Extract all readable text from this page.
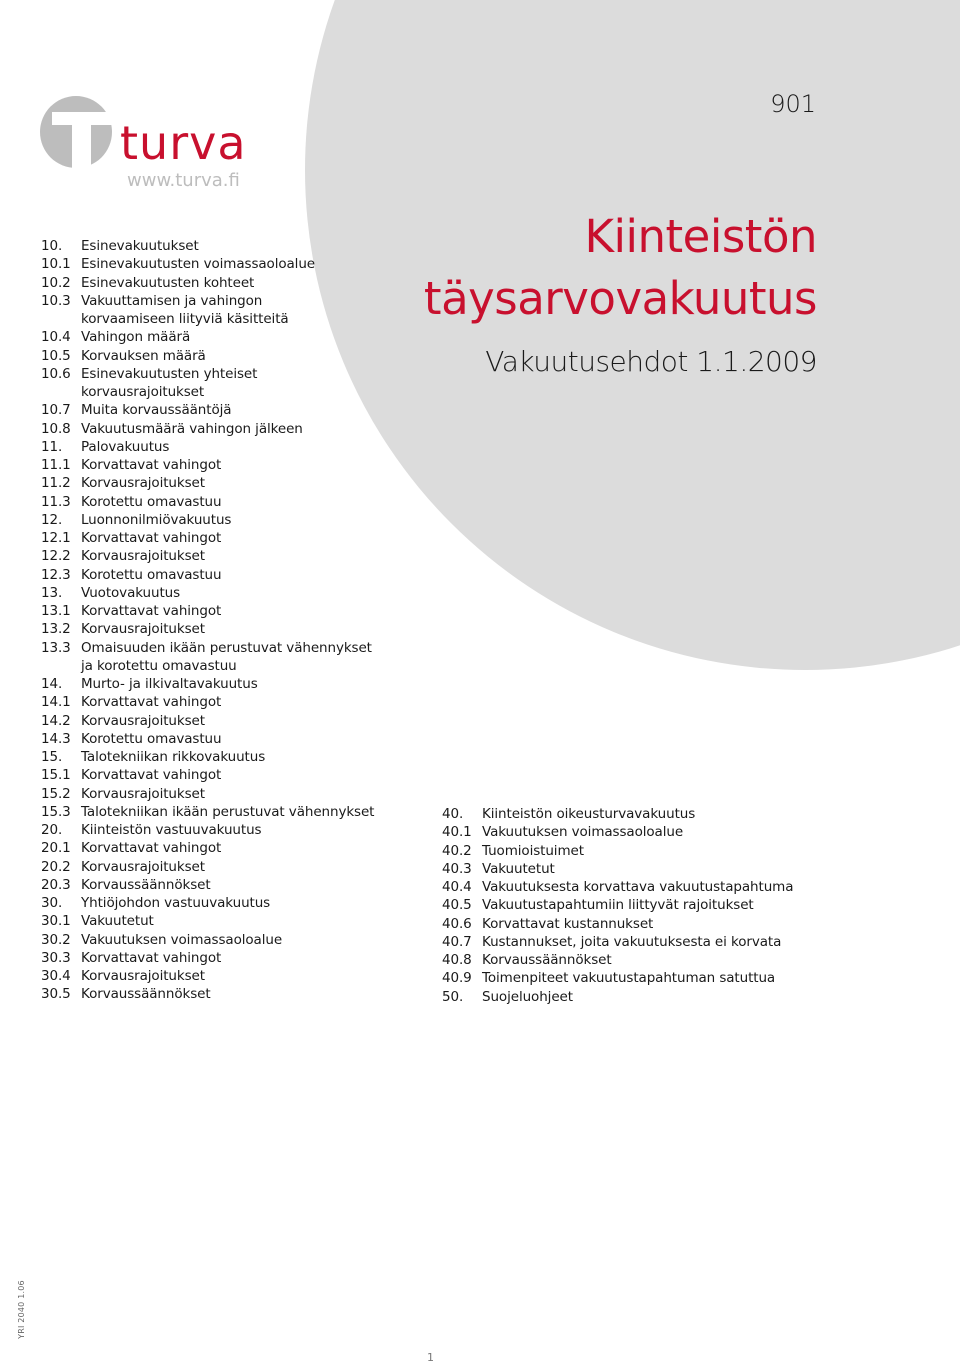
turva
www.turva.fi
901
Kiinteistön
täysarvovakuutus
Vakuutusehdot 1.1.2009
10. Esinevakuutukset
10.1 Esinevakuutusten voimassaoloalue
10.2 Esinevakuutusten kohteet
10.3 Vakuuttamisen ja vahingon
korvaamiseen liityviä käsitteitä
10.4 Vahingon määrä
10.5 Korvauksen määrä
10.6 Esinevakuutusten yhteiset
korvausrajoitukset
10.7 Muita korvaussääntöjä
10.8 Vakuutusmäärä vahingon jälkeen
11. Palovakuutus
11.1 Korvattavat vahingot
11.2 Korvausrajoitukset
11.3 Korotettu omavastuu
12. Luonnonilmiövakuutus
12.1 Korvattavat vahingot
12.2 Korvausrajoitukset
12.3 Korotettu omavastuu
13. Vuotovakuutus
13.1 Korvattavat vahingot
13.2 Korvausrajoitukset
13.3 Omaisuuden ikään perustuvat vähennykset
ja korotettu omavastuu
14. Murto- ja ilkivaltavakuutus
14.1 Korvattavat vahingot
14.2 Korvausrajoitukset
14.3 Korotettu omavastuu
15. Talotekniikan rikkovakuutus
15.1 Korvattavat vahingot
15.2 Korvausrajoitukset
15.3 Talotekniikan ikään perustuvat vähennykset
20. Kiinteistön vastuuvakuutus
20.1 Korvattavat vahingot
20.2 Korvausrajoitukset
20.3 Korvaussäännökset
30. Yhtiöjohdon vastuuvakuutus
30.1 Vakuutetut
30.2 Vakuutuksen voimassaoloalue
30.3 Korvattavat vahingot
30.4 Korvausrajoitukset
30.5 Korvaussäännökset
40. Kiinteistön oikeusturvavakuutus
40.1 Vakuutuksen voimassaoloalue
40.2 Tuomioistuimet
40.3 Vakuutetut
40.4 Vakuutuksesta korvattava vakuutustapahtuma
40.5 Vakuutustapahtumiin liittyvät rajoitukset
40.6 Korvattavat kustannukset
40.7 Kustannukset, joita vakuutuksesta ei korvata
40.8 Korvaussäännökset
40.9 Toimenpiteet vakuutustapahtuman satuttua
50. Suojeluohjeet
YRI 2040 1.06
1
